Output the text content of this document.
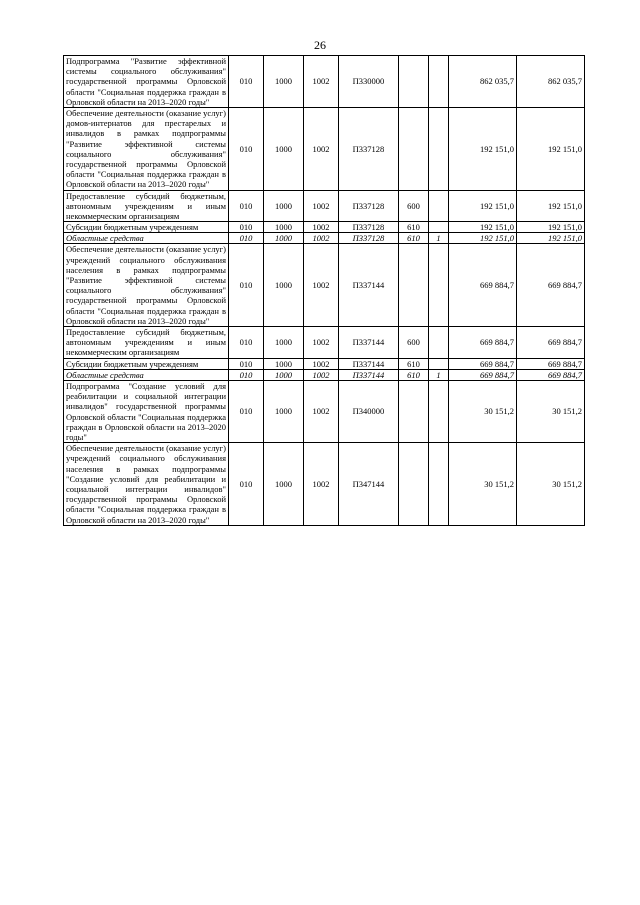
26
Подпрограмма "Развитие эффективной системы социального обслуживания" государственной программы Орловской области "Социальная поддержка граждан в Орловской области на 2013–2020 годы"	010	1000	1002	П330000			862 035,7	862 035,7
Обеспечение деятельности (оказание услуг) домов-интернатов для престарелых и инвалидов в рамках подпрограммы "Развитие эффективной системы социального обслуживания" государственной программы Орловской области "Социальная поддержка граждан в Орловской области на 2013–2020 годы"	010	1000	1002	П337128			192 151,0	192 151,0
Предоставление субсидий бюджетным, автономным учреждениям и иным некоммерческим организациям	010	1000	1002	П337128	600		192 151,0	192 151,0
Субсидии бюджетным учреждениям	010	1000	1002	П337128	610		192 151,0	192 151,0
Областные средства	010	1000	1002	П337128	610	1	192 151,0	192 151,0
Обеспечение деятельности (оказание услуг) учреждений социального обслуживания населения в рамках подпрограммы "Развитие эффективной системы социального обслуживания" государственной программы Орловской области "Социальная поддержка граждан в Орловской области на 2013–2020 годы"	010	1000	1002	П337144			669 884,7	669 884,7
Предоставление субсидий бюджетным, автономным учреждениям и иным некоммерческим организациям	010	1000	1002	П337144	600		669 884,7	669 884,7
Субсидии бюджетным учреждениям	010	1000	1002	П337144	610		669 884,7	669 884,7
Областные средства	010	1000	1002	П337144	610	1	669 884,7	669 884,7
Подпрограмма "Создание условий для реабилитации и социальной интеграции инвалидов" государственной программы Орловской области "Социальная поддержка граждан в Орловской области на 2013–2020 годы"	010	1000	1002	П340000			30 151,2	30 151,2
Обеспечение деятельности (оказание услуг) учреждений социального обслуживания населения в рамках подпрограммы "Создание условий для реабилитации и социальной интеграции инвалидов" государственной программы Орловской области "Социальная поддержка граждан в Орловской области на 2013–2020 годы"	010	1000	1002	П347144			30 151,2	30 151,2
